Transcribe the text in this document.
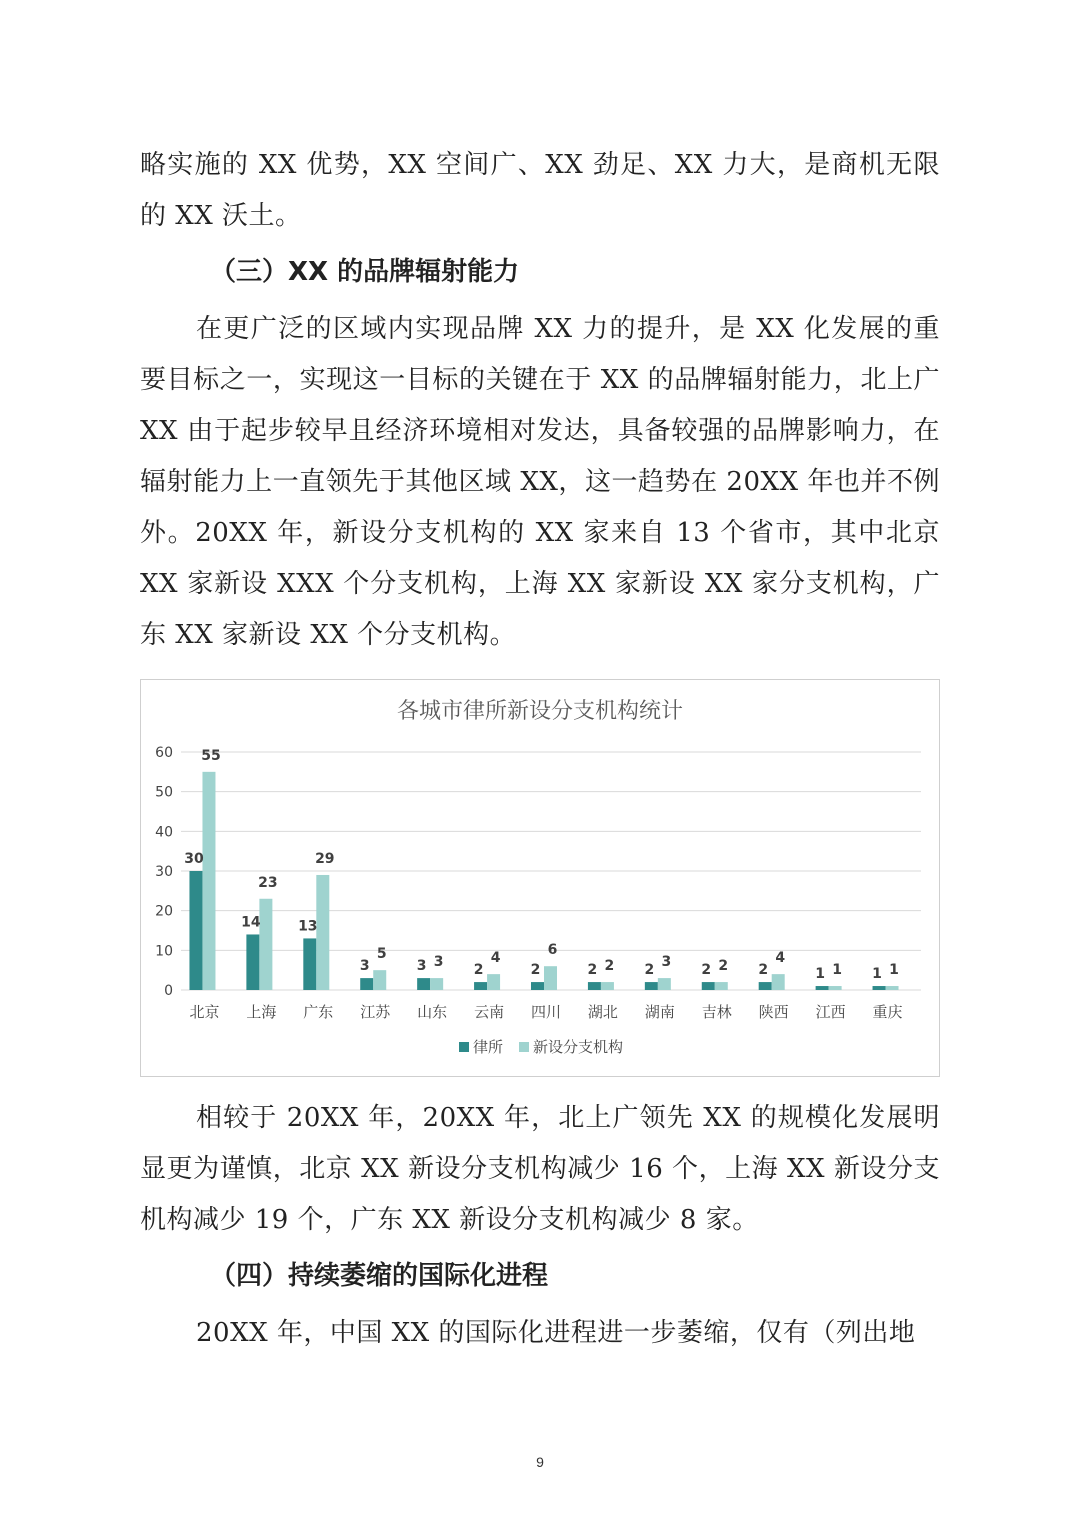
略实施的 XX 优势，XX 空间广、XX 劲足、XX 力大，是商机无限的 XX 沃土。

（三）XX 的品牌辐射能力

在更广泛的区域内实现品牌 XX 力的提升，是 XX 化发展的重要目标之一，实现这一目标的关键在于 XX 的品牌辐射能力，北上广 XX 由于起步较早且经济环境相对发达，具备较强的品牌影响力，在辐射能力上一直领先于其他区域 XX，这一趋势在 20XX 年也并不例外。20XX 年，新设分支机构的 XX 家来自 13 个省市，其中北京 XX 家新设 XXX 个分支机构，上海 XX 家新设 XX 家分支机构，广东 XX 家新设 XX 个分支机构。

各城市律所新设分支机构统计
0
10
20
30
40
50
60
30
55
14
23
13
29
3
5
3 3 2
4
2
6
2 2 2 3 2 2 2
4
1 1 1 1
北京 上海 广东 江苏 山东 云南 四川 湖北 湖南 吉林 陕西 江西 重庆
律所 新设分支机构

相较于 20XX 年，20XX 年，北上广领先 XX 的规模化发展明显更为谨慎，北京 XX 新设分支机构减少 16 个，上海 XX 新设分支机构减少 19 个，广东 XX 新设分支机构减少 8 家。

（四）持续萎缩的国际化进程

20XX 年，中国 XX 的国际化进程进一步萎缩，仅有（列出地

9
